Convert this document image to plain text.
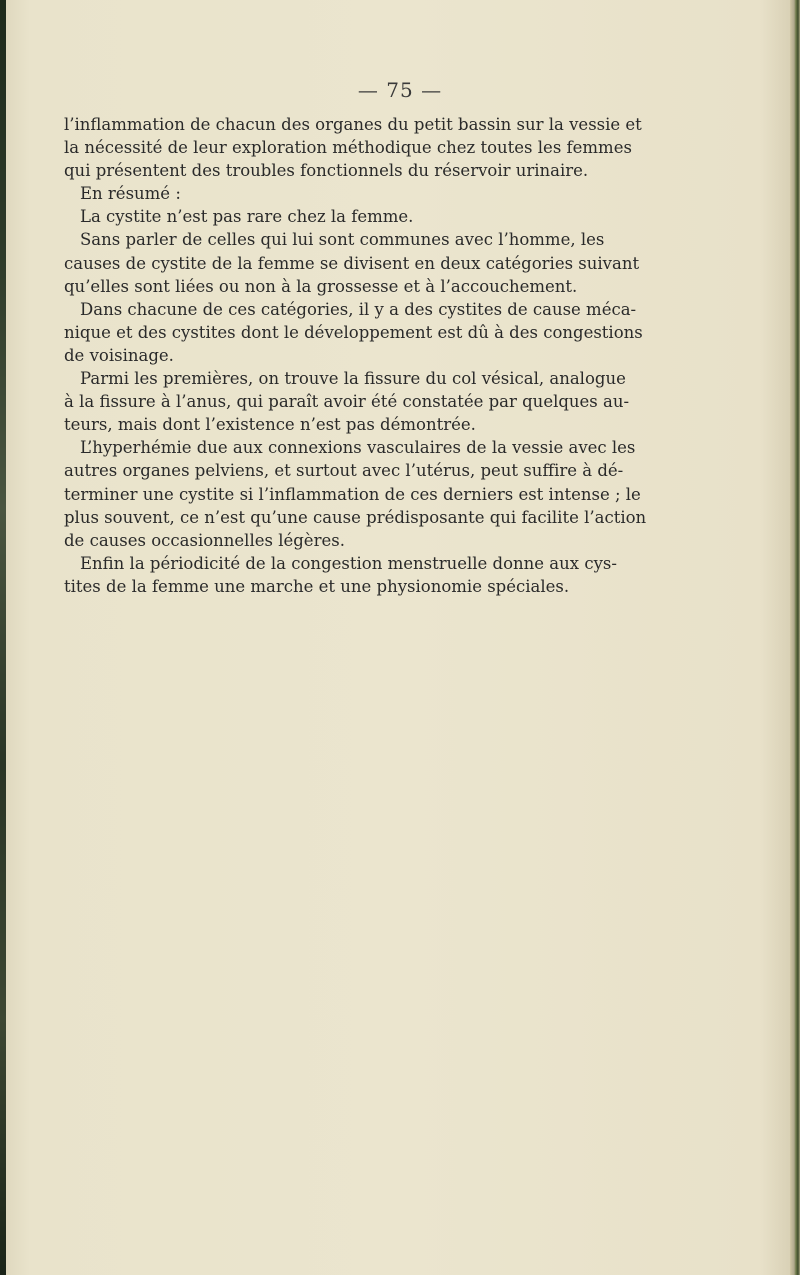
— 75 —

l’inflammation de chacun des organes du petit bassin sur la vessie et

la nécessité de leur exploration méthodique chez toutes les femmes

qui présentent des troubles fonctionnels du réservoir urinaire.

En résumé :

La cystite n’est pas rare chez la femme.

Sans parler de celles qui lui sont communes avec l’homme, les

causes de cystite de la femme se divisent en deux catégories suivant

qu’elles sont liées ou non à la grossesse et à l’accouchement.

Dans chacune de ces catégories, il y a des cystites de cause méca-

nique et des cystites dont le développement est dû à des congestions

de voisinage.

Parmi les premières, on trouve la fissure du col vésical, analogue

à la fissure à l’anus, qui paraît avoir été constatée par quelques au-

teurs, mais dont l’existence n’est pas démontrée.

L’hyperhémie due aux connexions vasculaires de la vessie avec les

autres organes pelviens, et surtout avec l’utérus, peut suffire à dé-

terminer une cystite si l’inflammation de ces derniers est intense ; le

plus souvent, ce n’est qu’une cause prédisposante qui facilite l’action

de causes occasionnelles légères.

Enfin la périodicité de la congestion menstruelle donne aux cys-

tites de la femme une marche et une physionomie spéciales.
